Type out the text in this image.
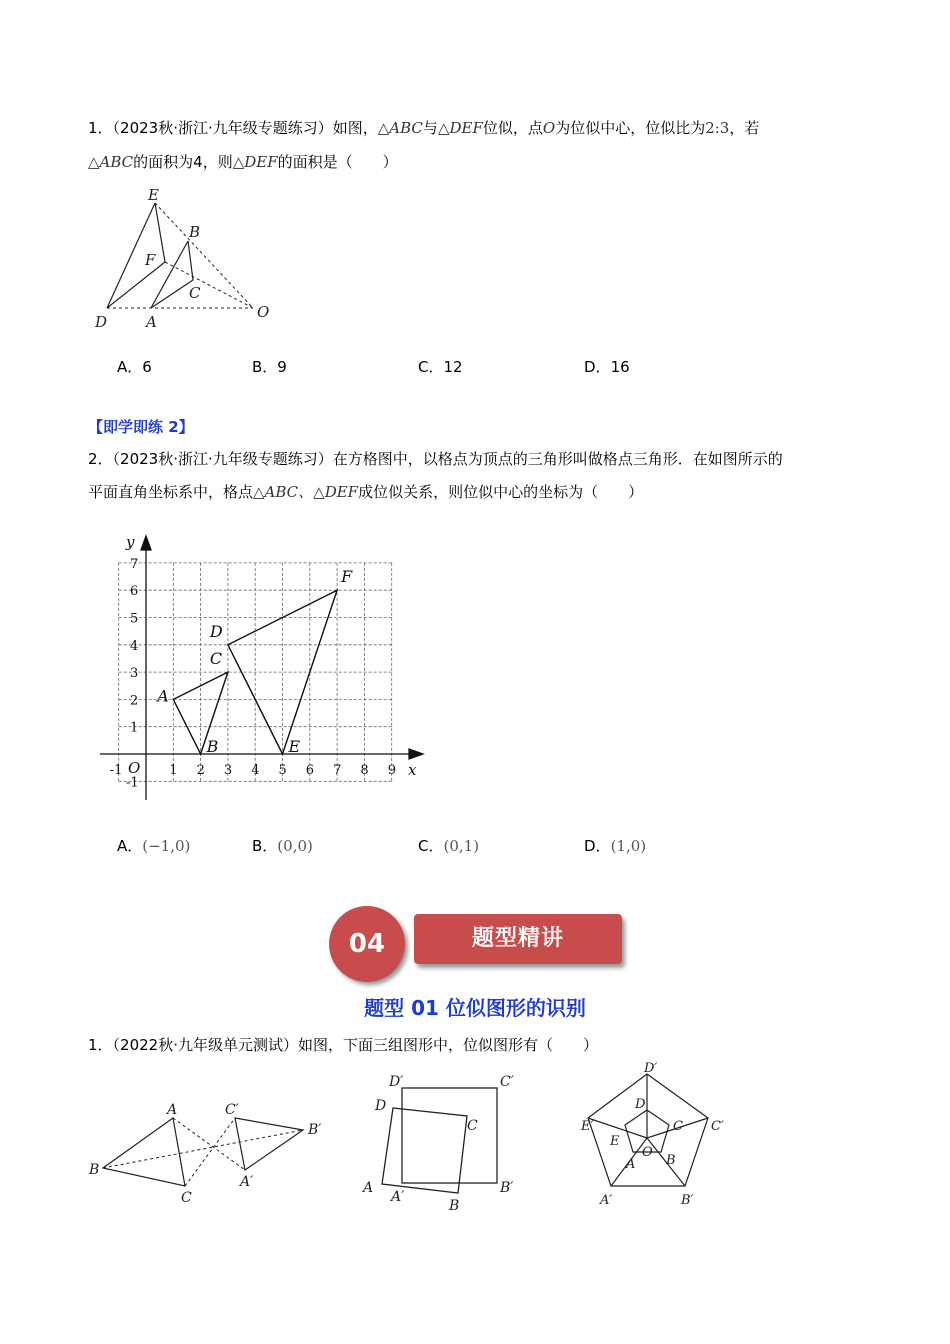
1．（2023秋·浙江·九年级专题练习）如图，△ABC与△DEF位似，点O为位似中心，位似比为2:3，若
△ABC的面积为4，则△DEF的面积是（　　）
E
B
F
C
D	A
O
A．6	B．9	C．12	D．16
【即学即练 2】
2．（2023秋·浙江·九年级专题练习）在方格图中，以格点为顶点的三角形叫做格点三角形．在如图所示的
平面直角坐标系中，格点△ABC、△DEF成位似关系，则位似中心的坐标为（　　）
-1	1 2 3 4 5 6 7 8 9
-1
1
2
3
4
5
6
7
x
y
O
A
B
C
D
E
F
A．(−1,0)	B．(0,0)	C．(0,1)	D．(1,0)
04	题型精讲
题型 01 位似图形的识别
1．（2022秋·九年级单元测试）如图，下面三组图形中，位似图形有（　　）
A	C′
B′
B
A′
C
D′	C′
D
C
A
A′
B
B′
D′
D
E′	C C′
E
O
A B
A′	B′
